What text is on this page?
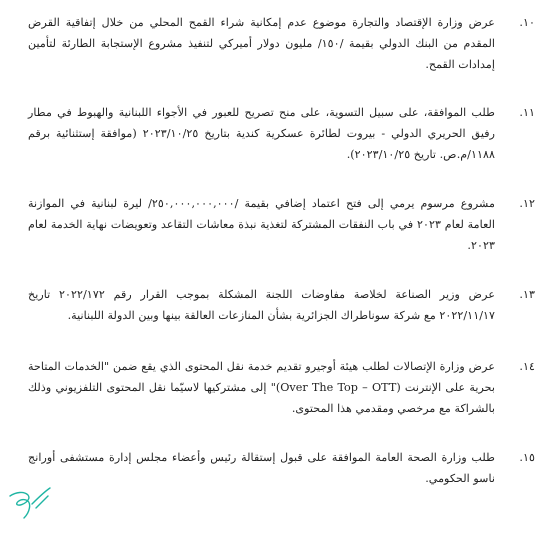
١٠.
عرض وزارة الإقتصاد والتجارة موضوع عدم إمكانية شراء القمح المحلي من خلال إتفاقية القرض المقدم من البنك الدولي بقيمة /١٥٠/ مليون دولار أميركي لتنفيذ مشروع الإستجابة الطارئة لتأمين إمدادات القمح.
١١.
طلب الموافقة، على سبيل التسوية، على منح تصريح للعبور في الأجواء اللبنانية والهبوط في مطار رفيق الحريري الدولي - بيروت لطائرة عسكرية كندية بتاريخ ٢٠٢٣/١٠/٢٥ (موافقة إستثنائية برقم ١١٨٨/م.ص. تاريخ ٢٠٢٣/١٠/٢٥).
١٢.
مشروع مرسوم يرمي إلى فتح اعتماد إضافي بقيمة /٢٥٠,٠٠٠,٠٠٠,٠٠٠/ ليرة لبنانية في الموازنة العامة لعام ٢٠٢٣ في باب النفقات المشتركة لتغذية نبذة معاشات التقاعد وتعويضات نهاية الخدمة لعام ٢٠٢٣.
١٣.
عرض وزير الصناعة لخلاصة مفاوضات اللجنة المشكلة بموجب القرار رقم ٢٠٢٢/١٧٢ تاريخ ٢٠٢٢/١١/١٧ مع شركة سوناطراك الجزائرية بشأن المنازعات العالقة بينها وبين الدولة اللبنانية.
١٤.
عرض وزارة الإتصالات لطلب هيئة أوجيرو تقديم خدمة نقل المحتوى الذي يقع ضمن "الخدمات المتاحة بحرية على الإنترنت (Over The Top – OTT)" إلى مشتركيها لاسيّما نقل المحتوى التلفزيوني وذلك بالشراكة مع مرخصي ومقدمي هذا المحتوى.
١٥.
طلب وزارة الصحة العامة الموافقة على قبول إستقالة رئيس وأعضاء مجلس إدارة مستشفى أورانج ناسو الحكومي.
